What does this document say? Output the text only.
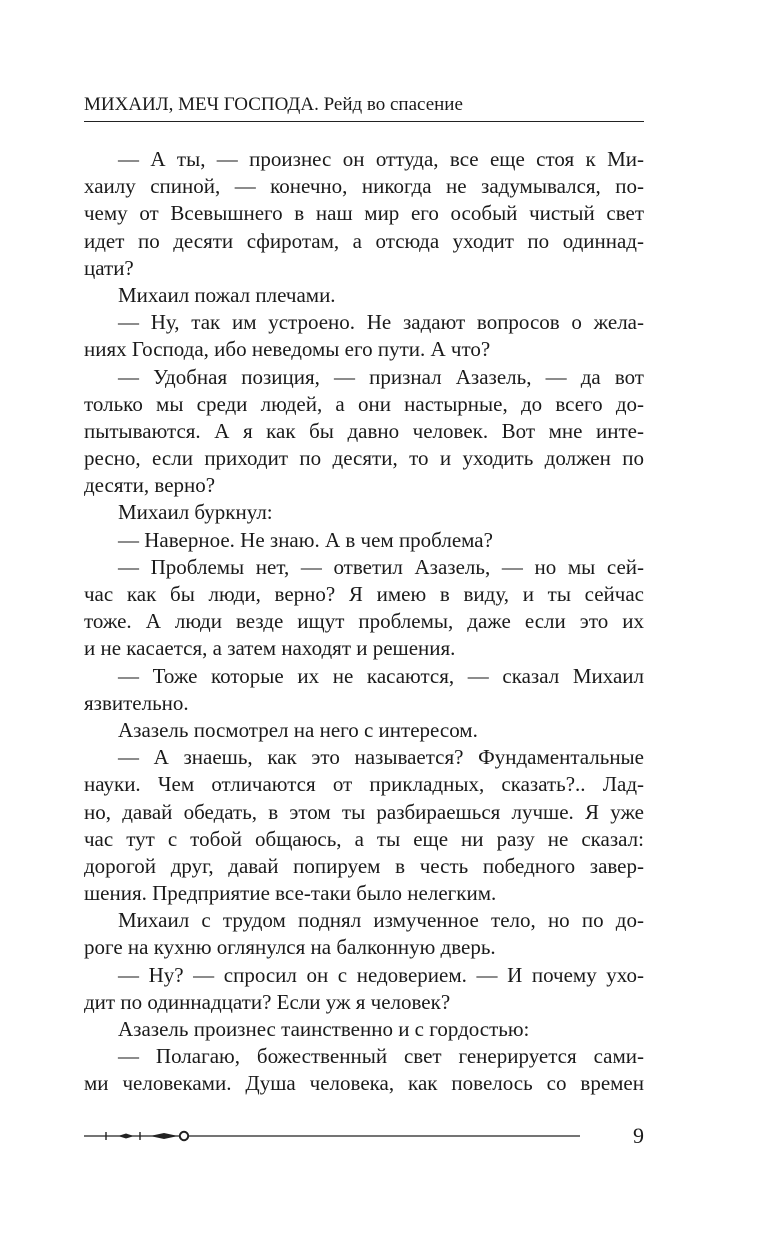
МИХАИЛ, МЕЧ ГОСПОДА. Рейд во спасение
— А ты, — произнес он оттуда, все еще стоя к Ми-
хаилу спиной, — конечно, никогда не задумывался, по-
чему от Всевышнего в наш мир его особый чистый свет
идет по десяти сфиротам, а отсюда уходит по одиннад-
цати?
Михаил пожал плечами.
— Ну, так им устроено. Не задают вопросов о жела-
ниях Господа, ибо неведомы его пути. А что?
— Удобная позиция, — признал Азазель, — да вот
только мы среди людей, а они настырные, до всего до-
пытываются. А я как бы давно человек. Вот мне инте-
ресно, если приходит по десяти, то и уходить должен по
десяти, верно?
Михаил буркнул:
— Наверное. Не знаю. А в чем проблема?
— Проблемы нет, — ответил Азазель, — но мы сей-
час как бы люди, верно? Я имею в виду, и ты сейчас
тоже. А люди везде ищут проблемы, даже если это их
и не касается, а затем находят и решения.
— Тоже которые их не касаются, — сказал Михаил
язвительно.
Азазель посмотрел на него с интересом.
— А знаешь, как это называется? Фундаментальные
науки. Чем отличаются от прикладных, сказать?.. Лад-
но, давай обедать, в этом ты разбираешься лучше. Я уже
час тут с тобой общаюсь, а ты еще ни разу не сказал:
дорогой друг, давай попируем в честь победного завер-
шения. Предприятие все-таки было нелегким.
Михаил с трудом поднял измученное тело, но по до-
роге на кухню оглянулся на балконную дверь.
— Ну? — спросил он с недоверием. — И почему ухо-
дит по одиннадцати? Если уж я человек?
Азазель произнес таинственно и с гордостью:
— Полагаю, божественный свет генерируется сами-
ми человеками. Душа человека, как повелось со времен
9
